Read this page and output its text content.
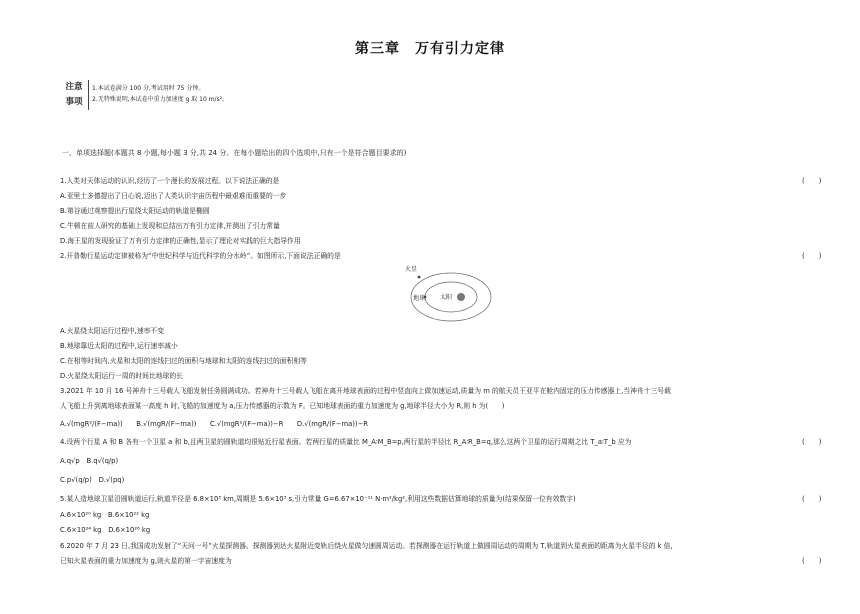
第三章　万有引力定律
注意
事项
1.本试卷满分 100 分,考试用时 75 分钟。
2.无特殊说明,本试卷中重力加速度 g 取 10 m/s²。
一、单项选择题(本题共 8 小题,每小题 3 分,共 24 分。在每小题给出的四个选项中,只有一个是符合题目要求的)
1.人类对天体运动的认识,经历了一个漫长的发展过程。以下说法正确的是	(　　)
A.亚里士多德提出了日心说,迈出了人类认识宇宙历程中最艰难而重要的一步
B.第谷通过观察提出行星绕太阳运动的轨道是椭圆
C.牛顿在前人研究的基础上发现和总结出万有引力定律,并测出了引力常量
D.海王星的发现验证了万有引力定律的正确性,显示了理论对实践的巨大指导作用
2.开普勒行星运动定律被称为“中世纪科学与近代科学的分水岭”。如图所示,下面说法正确的是	(　　)
火星
地球 太阳
A.火星绕太阳运行过程中,速率不变
B.地球靠近太阳的过程中,运行速率减小
C.在相等时间内,火星和太阳的连线扫过的面积与地球和太阳的连线扫过的面积相等
D.火星绕太阳运行一周的时间比地球的长
3.2021 年 10 月 16 号神舟十三号载人飞船发射任务圆满成功。若神舟十三号载人飞船在离开地球表面的过程中竖直向上做加速运动,质量为 m 的航天员王亚平在舱内固定的压力传感器上,当神舟十三号载
人飞船上升到离地球表面某一高度 h 时,飞船的加速度为 a,压力传感器的示数为 F。已知地球表面的重力加速度为 g,地球半径大小为 R,则 h 为(　　)
A.√(mgR²/(F−ma))　　B.√(mgR/(F−ma))　　C.√(mgR²/(F−ma))−R　　D.√(mgR/(F−ma))−R
4.设两个行星 A 和 B 各有一个卫星 a 和 b,且两卫星的圆轨道均很贴近行星表面。若两行星的质量比 M_A∶M_B=p,两行星的半径比 R_A∶R_B=q,那么这两个卫星的运行周期之比 T_a∶T_b 应为	(　　)
A.q√p　B.q√(q/p)
C.p√(q/p)　D.√(pq)
5.某人造地球卫星沿圆轨道运行,轨道半径是 6.8×10³ km,周期是 5.6×10³ s,引力常量 G=6.67×10⁻¹¹ N·m²/kg²,利用这些数据估算地球的质量为(结果保留一位有效数字)	(　　)
A.6×10²⁰ kg　B.6×10²² kg
C.6×10²⁴ kg　D.6×10²⁶ kg
6.2020 年 7 月 23 日,我国成功发射了“天问一号”火星探测器。探测器到达火星附近变轨后绕火星做匀速圆周运动。若探测器在运行轨道上做圆周运动的周期为 T,轨道到火星表面的距离为火星半径的 k 倍,
已知火星表面的重力加速度为 g,则火星的第一宇宙速度为	(　　)
